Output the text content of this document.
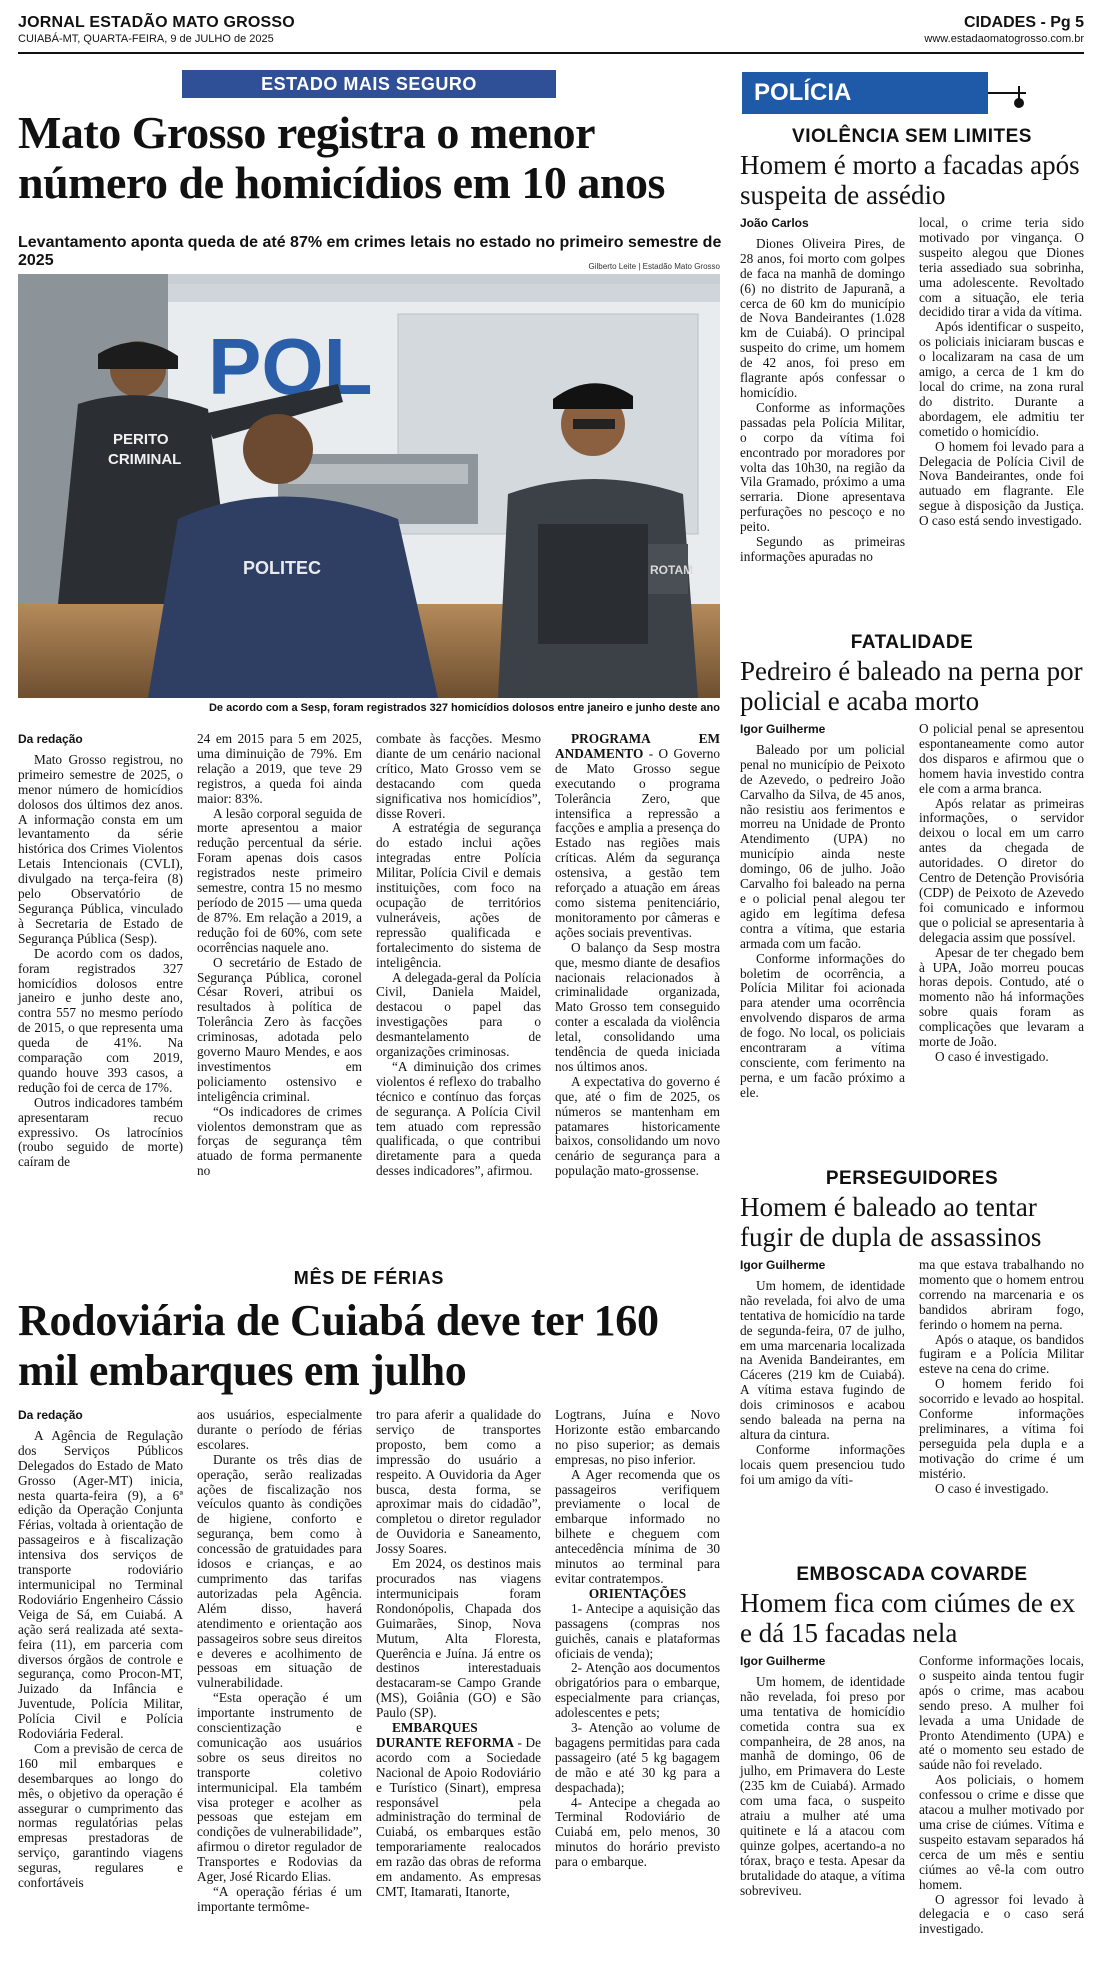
JORNAL ESTADÃO MATO GROSSO
CUIABÁ-MT, QUARTA-FEIRA, 9 de JULHO de 2025
CIDADES - Pg 5
www.estadaomatogrosso.com.br
ESTADO MAIS SEGURO
Mato Grosso registra o menor número de homicídios em 10 anos
Levantamento aponta queda de até 87% em crimes letais no estado no primeiro semestre de 2025	Gilberto Leite | Estadão Mato Grosso
POL
PERITO
CRIMINAL
POLITEC	ROTAM
De acordo com a Sesp, foram registrados 327 homicídios dolosos entre janeiro e junho deste ano
Da redação

Mato Grosso registrou, no primeiro semestre de 2025, o menor número de homicídios dolosos dos últimos dez anos. A informação consta em um levantamento da série histórica dos Crimes Violentos Letais Intencionais (CVLI), divulgado na terça-feira (8) pelo Observatório de Segurança Pública, vinculado à Secretaria de Estado de Segurança Pública (Sesp).

De acordo com os dados, foram registrados 327 homicídios dolosos entre janeiro e junho deste ano, contra 557 no mesmo período de 2015, o que representa uma queda de 41%. Na comparação com 2019, quando houve 393 casos, a redução foi de cerca de 17%.

Outros indicadores também apresentaram recuo expressivo. Os latrocínios (roubo seguido de morte) caíram de

24 em 2015 para 5 em 2025, uma diminuição de 79%. Em relação a 2019, que teve 29 registros, a queda foi ainda maior: 83%.

A lesão corporal seguida de morte apresentou a maior redução percentual da série. Foram apenas dois casos registrados neste primeiro semestre, contra 15 no mesmo período de 2015 — uma queda de 87%. Em relação a 2019, a redução foi de 60%, com sete ocorrências naquele ano.

O secretário de Estado de Segurança Pública, coronel César Roveri, atribui os resultados à política de Tolerância Zero às facções criminosas, adotada pelo governo Mauro Mendes, e aos investimentos em policiamento ostensivo e inteligência criminal.

“Os indicadores de crimes violentos demonstram que as forças de segurança têm atuado de forma permanente no

combate às facções. Mesmo diante de um cenário nacional crítico, Mato Grosso vem se destacando com queda significativa nos homicídios”, disse Roveri.

A estratégia de segurança do estado inclui ações integradas entre Polícia Militar, Polícia Civil e demais instituições, com foco na ocupação de territórios vulneráveis, ações de repressão qualificada e fortalecimento do sistema de inteligência.

A delegada-geral da Polícia Civil, Daniela Maidel, destacou o papel das investigações para o desmantelamento de organizações criminosas.

“A diminuição dos crimes violentos é reflexo do trabalho técnico e contínuo das forças de segurança. A Polícia Civil tem atuado com repressão qualificada, o que contribui diretamente para a queda desses indicadores”, afirmou.

PROGRAMA EM ANDAMENTO - O Governo de Mato Grosso segue executando o programa Tolerância Zero, que intensifica a repressão a facções e amplia a presença do Estado nas regiões mais críticas. Além da segurança ostensiva, a gestão tem reforçado a atuação em áreas como sistema penitenciário, monitoramento por câmeras e ações sociais preventivas.

O balanço da Sesp mostra que, mesmo diante de desafios nacionais relacionados à criminalidade organizada, Mato Grosso tem conseguido conter a escalada da violência letal, consolidando uma tendência de queda iniciada nos últimos anos.

A expectativa do governo é que, até o fim de 2025, os números se mantenham em patamares historicamente baixos, consolidando um novo cenário de segurança para a população mato-grossense.

MÊS DE FÉRIAS
Rodoviária de Cuiabá deve ter 160 mil embarques em julho
Da redação

A Agência de Regulação dos Serviços Públicos Delegados do Estado de Mato Grosso (Ager-MT) inicia, nesta quarta-feira (9), a 6ª edição da Operação Conjunta Férias, voltada à orientação de passageiros e à fiscalização intensiva dos serviços de transporte rodoviário intermunicipal no Terminal Rodoviário Engenheiro Cássio Veiga de Sá, em Cuiabá. A ação será realizada até sexta-feira (11), em parceria com diversos órgãos de controle e segurança, como Procon-MT, Juizado da Infância e Juventude, Polícia Militar, Polícia Civil e Polícia Rodoviária Federal.

Com a previsão de cerca de 160 mil embarques e desembarques ao longo do mês, o objetivo da operação é assegurar o cumprimento das normas regulatórias pelas empresas prestadoras de serviço, garantindo viagens seguras, regulares e confortáveis

aos usuários, especialmente durante o período de férias escolares.

Durante os três dias de operação, serão realizadas ações de fiscalização nos veículos quanto às condições de higiene, conforto e segurança, bem como à concessão de gratuidades para idosos e crianças, e ao cumprimento das tarifas autorizadas pela Agência. Além disso, haverá atendimento e orientação aos passageiros sobre seus direitos e deveres e acolhimento de pessoas em situação de vulnerabilidade.

“Esta operação é um importante instrumento de conscientização e comunicação aos usuários sobre os seus direitos no transporte coletivo intermunicipal. Ela também visa proteger e acolher as pessoas que estejam em condições de vulnerabilidade”, afirmou o diretor regulador de Transportes e Rodovias da Ager, José Ricardo Elias.

“A operação férias é um importante termôme-

tro para aferir a qualidade do serviço de transportes proposto, bem como a impressão do usuário a respeito. A Ouvidoria da Ager busca, desta forma, se aproximar mais do cidadão”, completou o diretor regulador de Ouvidoria e Saneamento, Jossy Soares.

Em 2024, os destinos mais procurados nas viagens intermunicipais foram Rondonópolis, Chapada dos Guimarães, Sinop, Nova Mutum, Alta Floresta, Querência e Juína. Já entre os destinos interestaduais destacaram-se Campo Grande (MS), Goiânia (GO) e São Paulo (SP).

EMBARQUES DURANTE REFORMA - De acordo com a Sociedade Nacional de Apoio Rodoviário e Turístico (Sinart), empresa responsável pela administração do terminal de Cuiabá, os embarques estão temporariamente realocados em razão das obras de reforma em andamento. As empresas CMT, Itamarati, Itanorte,

Logtrans, Juína e Novo Horizonte estão embarcando no piso superior; as demais empresas, no piso inferior.

A Ager recomenda que os passageiros verifiquem previamente o local de embarque informado no bilhete e cheguem com antecedência mínima de 30 minutos ao terminal para evitar contratempos.

ORIENTAÇÕES

1- Antecipe a aquisição das passagens (compras nos guichês, canais e plataformas oficiais de venda);

2- Atenção aos documentos obrigatórios para o embarque, especialmente para crianças, adolescentes e pets;

3- Atenção ao volume de bagagens permitidas para cada passageiro (até 5 kg bagagem de mão e até 30 kg para a despachada);

4- Antecipe a chegada ao Terminal Rodoviário de Cuiabá em, pelo menos, 30 minutos do horário previsto para o embarque.

POLÍCIA
VIOLÊNCIA SEM LIMITES
Homem é morto a facadas após suspeita de assédio
João Carlos

Diones Oliveira Pires, de 28 anos, foi morto com golpes de faca na manhã de domingo (6) no distrito de Japuranã, a cerca de 60 km do município de Nova Bandeirantes (1.028 km de Cuiabá). O principal suspeito do crime, um homem de 42 anos, foi preso em flagrante após confessar o homicídio.

Conforme as informações passadas pela Polícia Militar, o corpo da vítima foi encontrado por moradores por volta das 10h30, na região da Vila Gramado, próximo a uma serraria. Dione apresentava perfurações no pescoço e no peito.

Segundo as primeiras informações apuradas no

local, o crime teria sido motivado por vingança. O suspeito alegou que Diones teria assediado sua sobrinha, uma adolescente. Revoltado com a situação, ele teria decidido tirar a vida da vítima.

Após identificar o suspeito, os policiais iniciaram buscas e o localizaram na casa de um amigo, a cerca de 1 km do local do crime, na zona rural do distrito. Durante a abordagem, ele admitiu ter cometido o homicídio.

O homem foi levado para a Delegacia de Polícia Civil de Nova Bandeirantes, onde foi autuado em flagrante. Ele segue à disposição da Justiça. O caso está sendo investigado.

FATALIDADE
Pedreiro é baleado na perna por policial e acaba morto
Igor Guilherme

Baleado por um policial penal no município de Peixoto de Azevedo, o pedreiro João Carvalho da Silva, de 45 anos, não resistiu aos ferimentos e morreu na Unidade de Pronto Atendimento (UPA) no município ainda neste domingo, 06 de julho. João Carvalho foi baleado na perna e o policial penal alegou ter agido em legítima defesa contra a vítima, que estaria armada com um facão.

Conforme informações do boletim de ocorrência, a Polícia Militar foi acionada para atender uma ocorrência envolvendo disparos de arma de fogo. No local, os policiais encontraram a vítima consciente, com ferimento na perna, e um facão próximo a ele.

O policial penal se apresentou espontaneamente como autor dos disparos e afirmou que o homem havia investido contra ele com a arma branca.

Após relatar as primeiras informações, o servidor deixou o local em um carro antes da chegada de autoridades. O diretor do Centro de Detenção Provisória (CDP) de Peixoto de Azevedo foi comunicado e informou que o policial se apresentaria à delegacia assim que possível.

Apesar de ter chegado bem à UPA, João morreu poucas horas depois. Contudo, até o momento não há informações sobre quais foram as complicações que levaram a morte de João.

O caso é investigado.

PERSEGUIDORES
Homem é baleado ao tentar fugir de dupla de assassinos
Igor Guilherme

Um homem, de identidade não revelada, foi alvo de uma tentativa de homicídio na tarde de segunda-feira, 07 de julho, em uma marcenaria localizada na Avenida Bandeirantes, em Cáceres (219 km de Cuiabá). A vítima estava fugindo de dois criminosos e acabou sendo baleada na perna na altura da cintura.

Conforme informações locais quem presenciou tudo foi um amigo da víti-

ma que estava trabalhando no momento que o homem entrou correndo na marcenaria e os bandidos abriram fogo, ferindo o homem na perna.

Após o ataque, os bandidos fugiram e a Polícia Militar esteve na cena do crime.

O homem ferido foi socorrido e levado ao hospital. Conforme informações preliminares, a vítima foi perseguida pela dupla e a motivação do crime é um mistério.

O caso é investigado.

EMBOSCADA COVARDE
Homem fica com ciúmes de ex e dá 15 facadas nela
Igor Guilherme

Um homem, de identidade não revelada, foi preso por uma tentativa de homicídio cometida contra sua ex companheira, de 28 anos, na manhã de domingo, 06 de julho, em Primavera do Leste (235 km de Cuiabá). Armado com uma faca, o suspeito atraiu a mulher até uma quitinete e lá a atacou com quinze golpes, acertando-a no tórax, braço e testa. Apesar da brutalidade do ataque, a vítima sobreviveu.

Conforme informações locais, o suspeito ainda tentou fugir após o crime, mas acabou sendo preso. A mulher foi levada a uma Unidade de Pronto Atendimento (UPA) e até o momento seu estado de saúde não foi revelado.

Aos policiais, o homem confessou o crime e disse que atacou a mulher motivado por uma crise de ciúmes. Vítima e suspeito estavam separados há cerca de um mês e sentiu ciúmes ao vê-la com outro homem.

O agressor foi levado à delegacia e o caso será investigado.
